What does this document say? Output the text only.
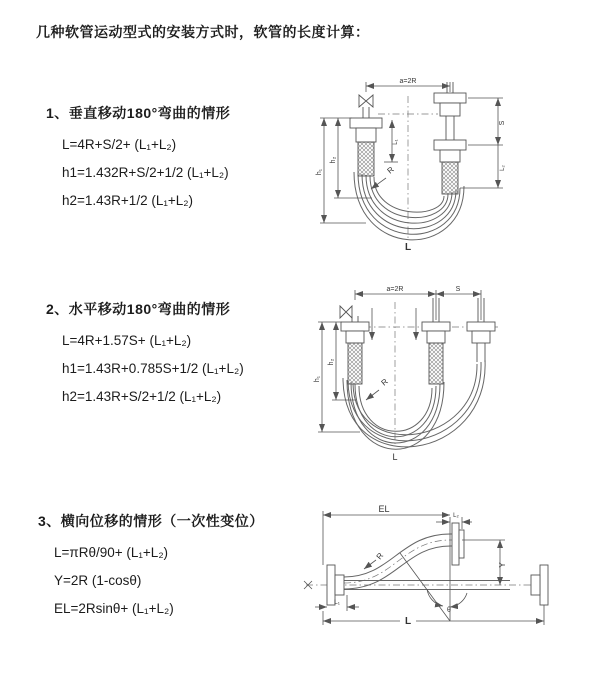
几种软管运动型式的安装方式时，软管的长度计算：
1、垂直移动180°弯曲的情形
L=4R+S/2+ (L₁+L₂)
h1=1.432R+S/2+1/2 (L₁+L₂)
h2=1.43R+1/2 (L₁+L₂)
2、水平移动180°弯曲的情形
L=4R+1.57S+ (L₁+L₂)
h1=1.43R+0.785S+1/2 (L₁+L₂)
h2=1.43R+S/2+1/2 (L₁+L₂)
3、横向位移的情形（一次性变位）
L=πRθ/90+ (L₁+L₂)
Y=2R (1-cosθ)
EL=2Rsinθ+ (L₁+L₂)
a=2R
h₁
h₂
L₁
S
L₂
R
L
a=2R	S
h₁
h₂
R
L
EL
L₂
Y
R
θ
L₁
L
